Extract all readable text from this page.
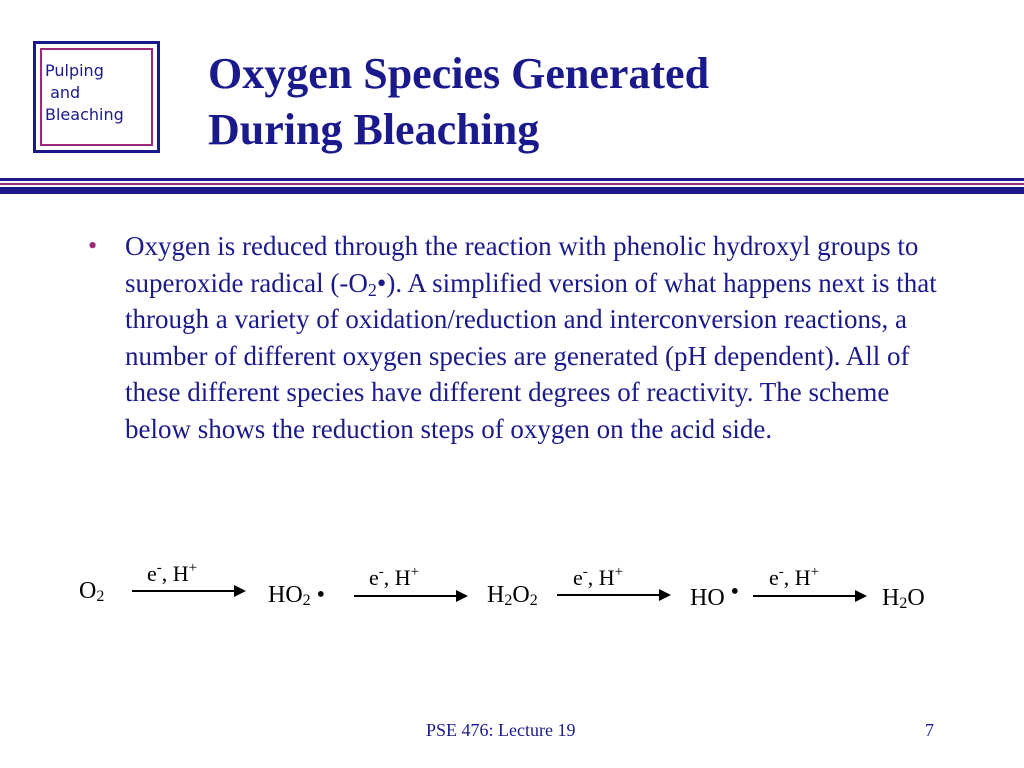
Pulping
and
Bleaching
Oxygen Species Generated
During Bleaching
• Oxygen is reduced through the reaction with phenolic hydroxyl groups to superoxide radical $(-O_2•)$. A simplified version of what happens next is that through a variety of oxidation/reduction and interconversion reactions, a number of different oxygen species are generated (pH dependent). All of these different species have different degrees of reactivity. The scheme below shows the reduction steps of oxygen on the acid side.

$O_2$
e-, H+
$HO_2$ •
e-, H+
$H_2O_2$
e-, H+
HO •
e-, H+
$H_2O$
PSE 476: Lecture 19	7
